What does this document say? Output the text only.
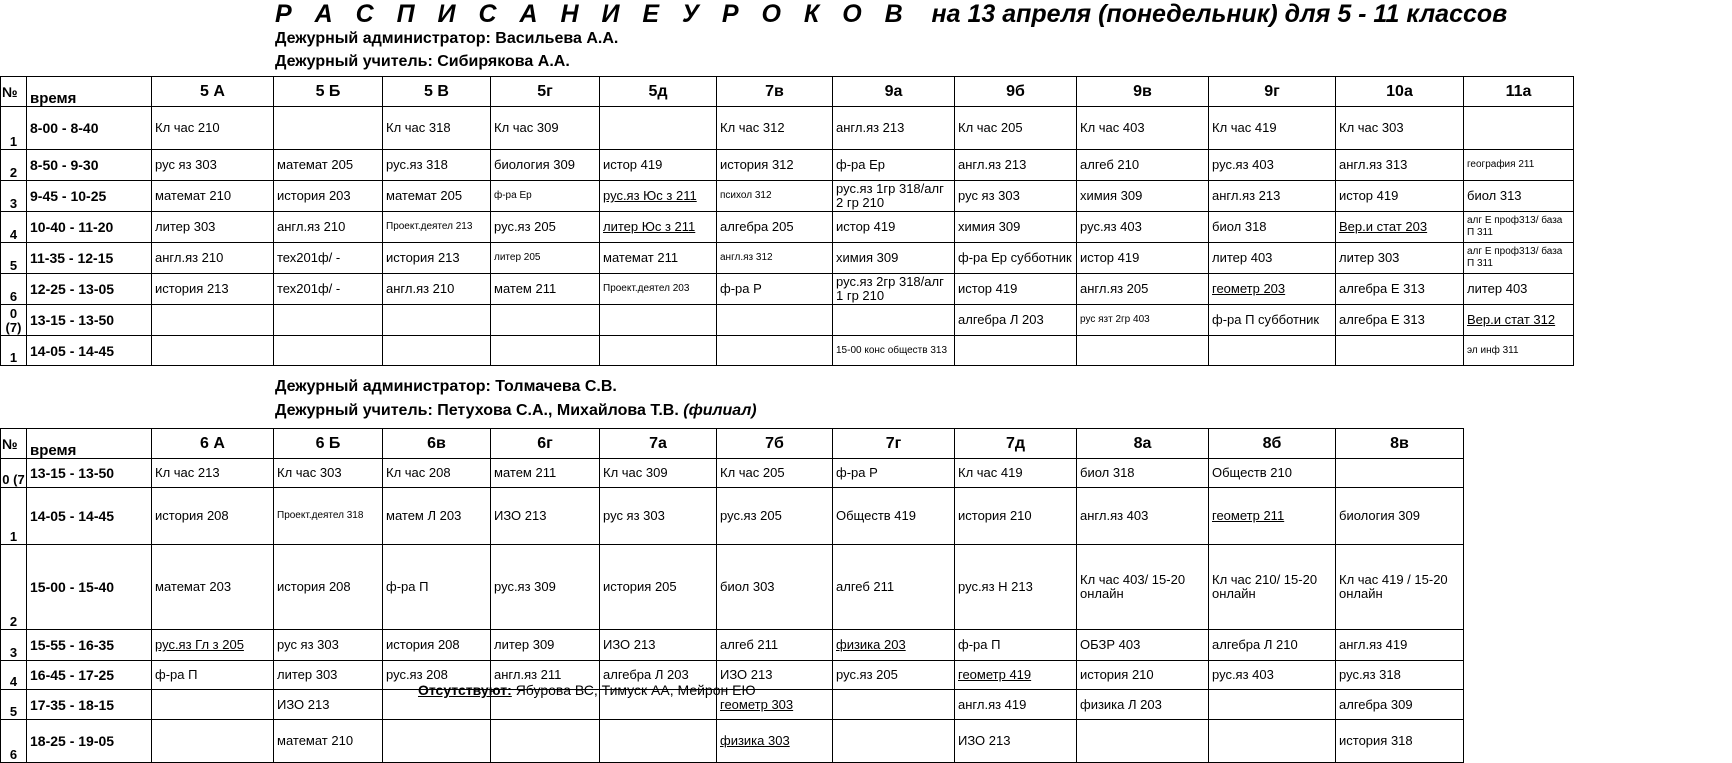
Р А С П И С А Н И Е У Р О К О В на 13 апреля (понедельник) для 5 - 11 классов
Дежурный администратор: Васильева А.А.
Дежурный учитель: Сибирякова А.А.
№	время	5 А	5 Б	5 В	5г	5д	7в	9а	9б	9в	9г	10а	11а	
1	8-00 - 8-40	Кл час 210		Кл час 318	Кл час 309		Кл час 312	англ.яз 213	Кл час 205	Кл час 403	Кл час 419	Кл час 303		
2	8-50 - 9-30	рус яз 303	математ 205	рус.яз 318	биология 309	истор 419	история 312	ф-ра Ер	англ.яз 213	алгеб 210	рус.яз 403	англ.яз 313	география 211	
3	9-45 - 10-25	математ 210	история 203	математ 205	ф-ра Ер	рус.яз Юс з 211	психол 312	рус.яз 1гр 318/алг 2 гр 210	рус яз 303	химия 309	англ.яз 213	истор 419	биол 313	
4	10-40 - 11-20	литер 303	англ.яз 210	Проект.деятел 213	рус.яз 205	литер Юс з 211	алгебра 205	истор 419	химия 309	рус.яз 403	биол 318	Вер.и стат 203	алг Е проф313/ база П 311	
5	11-35 - 12-15	англ.яз 210	тех201ф/ -	история 213	литер 205	математ 211	англ.яз 312	химия 309	ф-ра Ер субботник	истор 419	литер 403	литер 303	алг Е проф313/ база П 311	
6	12-25 - 13-05	история 213	тех201ф/ -	англ.яз 210	матем 211	Проект.деятел 203	ф-ра Р	рус.яз 2гр 318/алг 1 гр 210	истор 419	англ.яз 205	геометр 203	алгебра Е 313	литер 403	
0 (7)	13-15 - 13-50								алгебра Л 203	рус язт 2гр 403	ф-ра П субботник	алгебра Е 313	Вер.и стат 312	
1	14-05 - 14-45							15-00 конс обществ 313					эл инф 311	
Дежурный администратор: Толмачева С.В.
Дежурный учитель: Петухова С.А., Михайлова Т.В. (филиал)
№	время	6 А	6 Б	6в	6г	7а	7б	7г	7д	8а	8б	8в	
0 (7	13-15 - 13-50	Кл час 213	Кл час 303	Кл час 208	матем 211	Кл час 309	Кл час 205	ф-ра Р	Кл час 419	биол 318	Обществ 210		
1	14-05 - 14-45	история 208	Проект.деятел 318	матем Л 203	ИЗО 213	рус яз 303	рус.яз 205	Обществ 419	история 210	англ.яз 403	геометр 211	биология 309	
2	15-00 - 15-40	математ 203	история 208	ф-ра П	рус.яз 309	история 205	биол 303	алгеб 211	рус.яз Н 213	Кл час 403/ 15-20 онлайн	Кл час 210/ 15-20 онлайн	Кл час 419 / 15-20 онлайн	
3	15-55 - 16-35	рус.яз Гл з 205	рус яз 303	история 208	литер 309	ИЗО 213	алгеб 211	физика 203	ф-ра П	ОБЗР 403	алгебра Л 210	англ.яз 419	
4	16-45 - 17-25	ф-ра П	литер 303	рус.яз 208	англ.яз 211	алгебра Л 203	ИЗО 213	рус.яз 205	геометр 419	история 210	рус.яз 403	рус.яз 318	
5	17-35 - 18-15		ИЗО 213				геометр 303		англ.яз 419	физика Л 203		алгебра 309	
6	18-25 - 19-05		математ 210				физика 303		ИЗО 213			история 318	
Отсутствуют: Ябурова ВС, Тимуск АА, Мейрон ЕЮ
